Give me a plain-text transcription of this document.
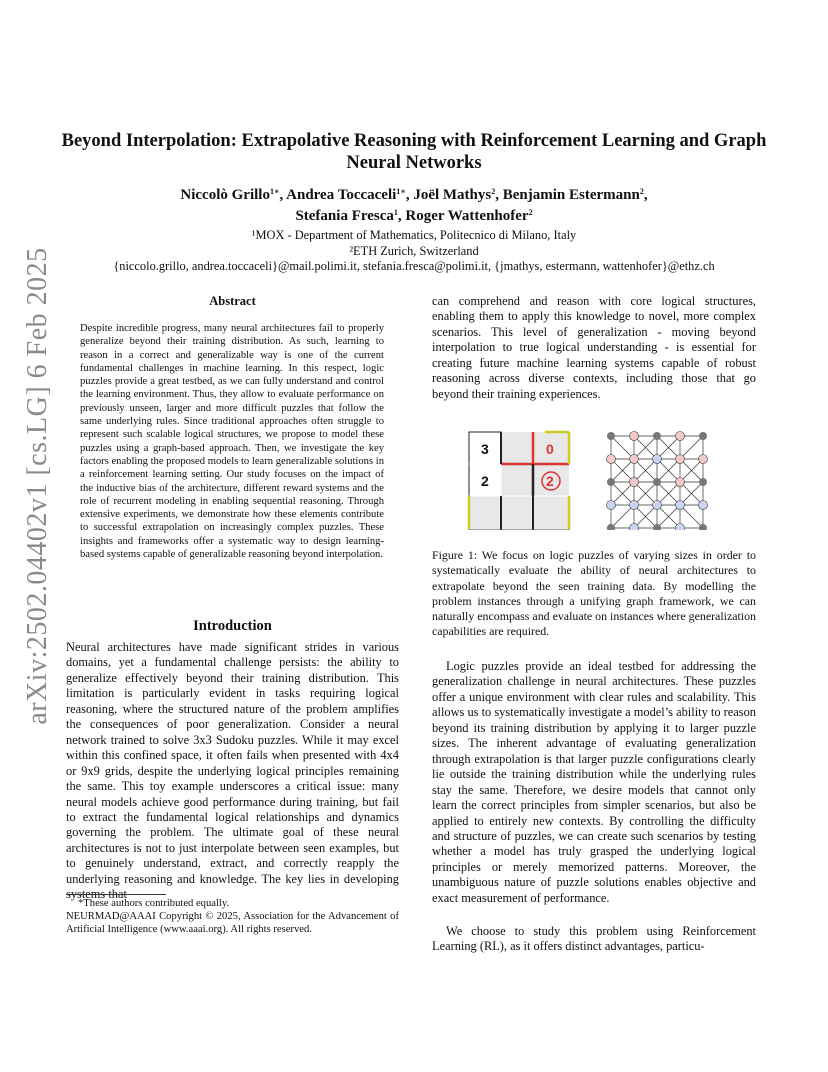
arXiv:2502.04402v1 [cs.LG] 6 Feb 2025
Beyond Interpolation: Extrapolative Reasoning with Reinforcement Learning and Graph Neural Networks
Niccolò Grillo$^{1∗}$, Andrea Toccaceli$^{1∗}$, Joël Mathys$^2$, Benjamin Estermann$^2$,
Stefania Fresca$^1$, Roger Wattenhofer$^2$
¹MOX - Department of Mathematics, Politecnico di Milano, Italy
²ETH Zurich, Switzerland
{niccolo.grillo, andrea.toccaceli}@mail.polimi.it, stefania.fresca@polimi.it, {jmathys, estermann, wattenhofer}@ethz.ch
Abstract
Despite incredible progress, many neural architectures fail to properly generalize beyond their training distribution. As such, learning to reason in a correct and generalizable way is one of the current fundamental challenges in machine learning. In this respect, logic puzzles provide a great testbed, as we can fully understand and control the learning environment. Thus, they allow to evaluate performance on previously unseen, larger and more difficult puzzles that follow the same underlying rules. Since traditional approaches often struggle to represent such scalable logical structures, we propose to model these puzzles using a graph-based approach. Then, we investigate the key factors enabling the proposed models to learn generalizable solutions in a reinforcement learning setting. Our study focuses on the impact of the inductive bias of the architecture, different reward systems and the role of recurrent modeling in enabling sequential reasoning. Through extensive experiments, we demonstrate how these elements contribute to successful extrapolation on increasingly complex puzzles. These insights and frameworks offer a systematic way to design learning-based systems capable of generalizable reasoning beyond interpolation.
Introduction
Neural architectures have made significant strides in various domains, yet a fundamental challenge persists: the ability to generalize effectively beyond their training distribution. This limitation is particularly evident in tasks requiring logical reasoning, where the structured nature of the problem amplifies the consequences of poor generalization. Consider a neural network trained to solve 3x3 Sudoku puzzles. While it may excel within this confined space, it often fails when presented with 4x4 or 9x9 grids, despite the underlying logical principles remaining the same. This toy example underscores a critical issue: many neural models achieve good performance during training, but fail to extract the fundamental logical relationships and dynamics governing the problem. The ultimate goal of these neural architectures is not to just interpolate between seen examples, but to genuinely understand, extract, and correctly reapply the underlying reasoning and knowledge. The key lies in developing systems that
*These authors contributed equally.
NEURMAD@AAAI Copyright © 2025, Association for the Advancement of Artificial Intelligence (www.aaai.org). All rights reserved.
can comprehend and reason with core logical structures, enabling them to apply this knowledge to novel, more complex scenarios. This level of generalization - moving beyond interpolation to true logical understanding - is essential for creating future machine learning systems capable of robust reasoning across diverse contexts, including those that go beyond their training experiences.
3	0
2	2
Figure 1: We focus on logic puzzles of varying sizes in order to systematically evaluate the ability of neural architectures to extrapolate beyond the seen training data. By modelling the problem instances through a unifying graph framework, we can naturally encompass and evaluate on instances where generalization capabilities are required.
Logic puzzles provide an ideal testbed for addressing the generalization challenge in neural architectures. These puzzles offer a unique environment with clear rules and scalability. This allows us to systematically investigate a model’s ability to reason beyond its training distribution by applying it to larger puzzle sizes. The inherent advantage of evaluating generalization through extrapolation is that larger puzzle configurations clearly lie outside the training distribution while the underlying rules stay the same. Therefore, we desire models that cannot only learn the correct principles from simpler scenarios, but also be applied to entirely new contexts. By controlling the difficulty and structure of puzzles, we can create such scenarios by testing whether a model has truly grasped the underlying logical principles or merely memorized patterns. Moreover, the unambiguous nature of puzzle solutions enables objective and exact measurement of performance.
We choose to study this problem using Reinforcement Learning (RL), as it offers distinct advantages, particu-
